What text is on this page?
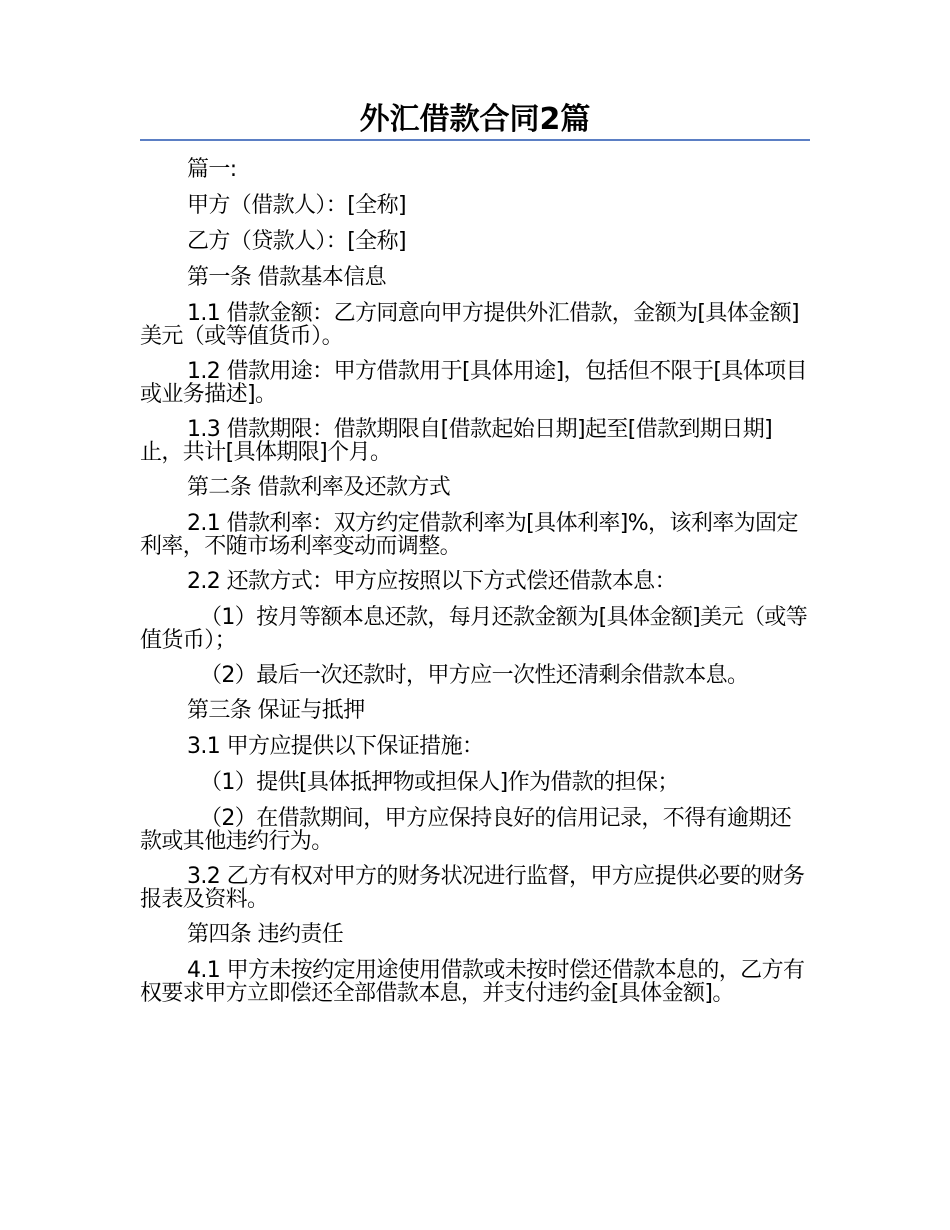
外汇借款合同2篇

篇一:

甲方（借款人）：[全称]

乙方（贷款人）：[全称]

第一条 借款基本信息

1.1 借款金额：乙方同意向甲方提供外汇借款，金额为[具体金额]美元（或等值货币）。

1.2 借款用途：甲方借款用于[具体用途]，包括但不限于[具体项目或业务描述]。

1.3 借款期限：借款期限自[借款起始日期]起至[借款到期日期]止，共计[具体期限]个月。

第二条 借款利率及还款方式

2.1 借款利率：双方约定借款利率为[具体利率]%，该利率为固定利率，不随市场利率变动而调整。

2.2 还款方式：甲方应按照以下方式偿还借款本息：

（1）按月等额本息还款，每月还款金额为[具体金额]美元（或等值货币）；

（2）最后一次还款时，甲方应一次性还清剩余借款本息。

第三条 保证与抵押

3.1 甲方应提供以下保证措施：

（1）提供[具体抵押物或担保人]作为借款的担保；

（2）在借款期间，甲方应保持良好的信用记录，不得有逾期还款或其他违约行为。

3.2 乙方有权对甲方的财务状况进行监督，甲方应提供必要的财务报表及资料。

第四条 违约责任

4.1 甲方未按约定用途使用借款或未按时偿还借款本息的，乙方有权要求甲方立即偿还全部借款本息，并支付违约金[具体金额]。
